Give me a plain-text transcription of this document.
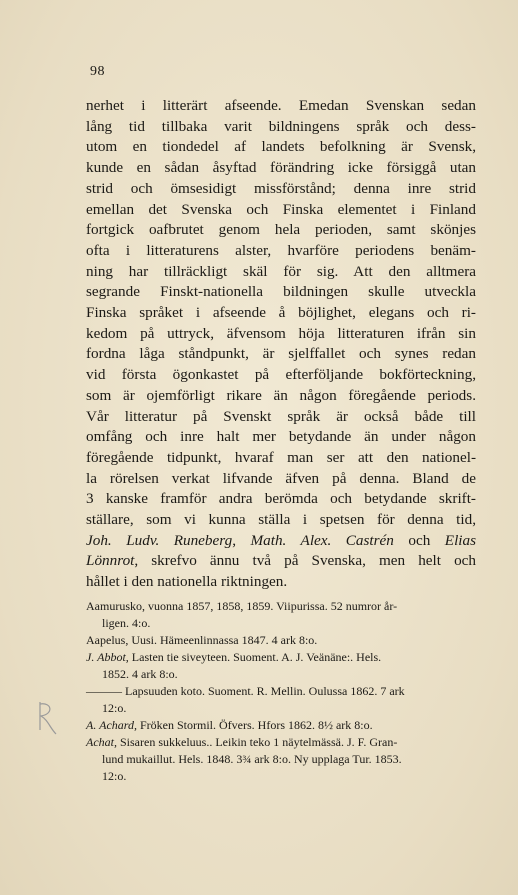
98
nerhet i litterärt afseende. Emedan Svenskan sedan
lång tid tillbaka varit bildningens språk och dess-
utom en tiondedel af landets befolkning är Svensk,
kunde en sådan åsyftad förändring icke försiggå utan
strid och ömsesidigt missförstånd; denna inre strid
emellan det Svenska och Finska elementet i Finland
fortgick oafbrutet genom hela perioden, samt skönjes
ofta i litteraturens alster, hvarföre periodens benäm-
ning har tillräckligt skäl för sig. Att den alltmera
segrande Finskt-nationella bildningen skulle utveckla
Finska språket i afseende å böjlighet, elegans och ri-
kedom på uttryck, äfvensom höja litteraturen ifrån sin
fordna låga ståndpunkt, är sjelffallet och synes redan
vid första ögonkastet på efterföljande bokförteckning,
som är ojemförligt rikare än någon föregående periods.
Vår litteratur på Svenskt språk är också både till
omfång och inre halt mer betydande än under någon
föregående tidpunkt, hvaraf man ser att den nationel-
la rörelsen verkat lifvande äfven på denna. Bland de
3 kanske framför andra berömda och betydande skrift-
ställare, som vi kunna ställa i spetsen för denna tid,
Joh. Ludv. Runeberg, Math. Alex. Castrén och Elias
Lönnrot, skrefvo ännu två på Svenska, men helt och
hållet i den nationella riktningen.
Aamurusko, vuonna 1857, 1858, 1859. Viipurissa. 52 numror år-
ligen. 4:o.
Aapelus, Uusi. Hämeenlinnassa 1847. 4 ark 8:o.
J. Abbot, Lasten tie siveyteen. Suoment. A. J. Veänäne:. Hels.
1852. 4 ark 8:o.
——— Lapsuuden koto. Suoment. R. Mellin. Oulussa 1862. 7 ark
12:o.
A. Achard, Fröken Stormil. Öfvers. Hfors 1862. 8½ ark 8:o.
Achat, Sisaren sukkeluus.. Leikin teko 1 näytelmässä. J. F. Gran-
lund mukaillut. Hels. 1848. 3¾ ark 8:o. Ny upplaga Tur. 1853.
12:o.
